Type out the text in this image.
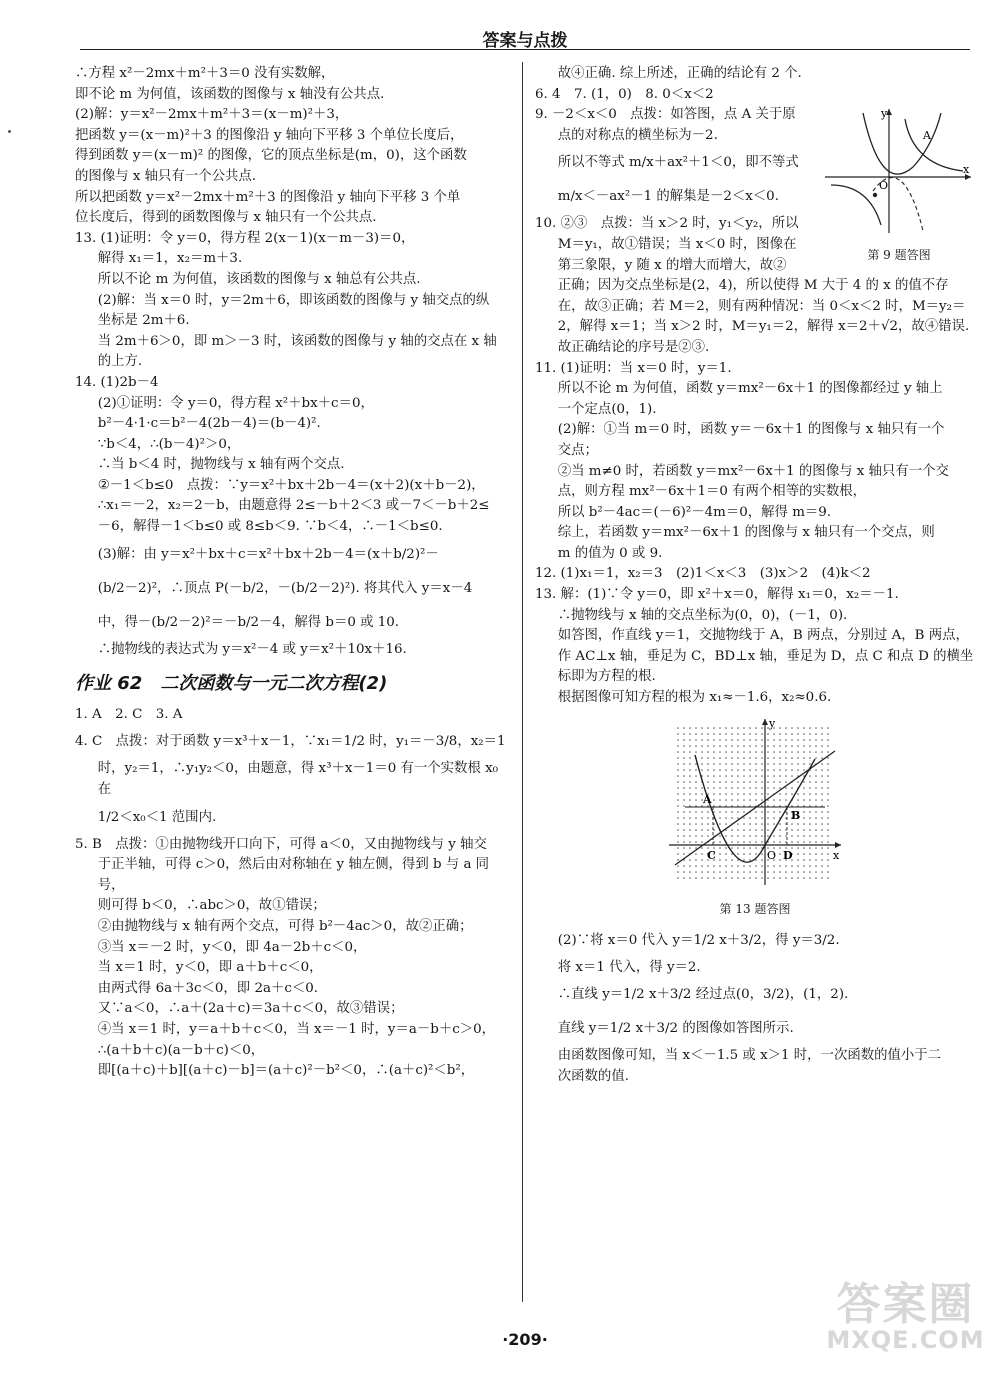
答案与点拨
∴方程 x²－2mx＋m²＋3＝0 没有实数解，
即不论 m 为何值，该函数的图像与 x 轴没有公共点.
(2)解：y＝x²－2mx＋m²＋3＝(x－m)²＋3，
把函数 y＝(x－m)²＋3 的图像沿 y 轴向下平移 3 个单位长度后，
得到函数 y＝(x－m)² 的图像，它的顶点坐标是(m，0)，这个函数
的图像与 x 轴只有一个公共点.
所以把函数 y＝x²－2mx＋m²＋3 的图像沿 y 轴向下平移 3 个单
位长度后，得到的函数图像与 x 轴只有一个公共点.
13. (1)证明：令 y＝0，得方程 2(x－1)(x－m－3)＝0，
解得 x₁＝1，x₂＝m＋3.
所以不论 m 为何值，该函数的图像与 x 轴总有公共点.
(2)解：当 x＝0 时，y＝2m＋6，即该函数的图像与 y 轴交点的纵
坐标是 2m＋6.
当 2m＋6＞0，即 m＞－3 时，该函数的图像与 y 轴的交点在 x 轴
的上方.
14. (1)2b－4
(2)①证明：令 y＝0，得方程 x²＋bx＋c＝0，
b²－4·1·c＝b²－4(2b－4)＝(b－4)².
∵b＜4，∴(b－4)²＞0，
∴当 b＜4 时，抛物线与 x 轴有两个交点.
②－1＜b≤0　点拨：∵y＝x²＋bx＋2b－4＝(x＋2)(x＋b－2)，
∴x₁＝－2，x₂＝2－b，由题意得 2≤－b＋2＜3 或－7＜－b＋2≤
－6，解得－1＜b≤0 或 8≤b＜9. ∵b＜4，∴－1＜b≤0.
(3)解：由 y＝x²＋bx＋c＝x²＋bx＋2b－4＝(x＋b/2)²－
(b/2－2)²，∴顶点 P(－b/2，－(b/2－2)²). 将其代入 y＝x－4
中，得－(b/2－2)²＝－b/2－4，解得 b＝0 或 10.
∴抛物线的表达式为 y＝x²－4 或 y＝x²＋10x＋16.
作业 62　二次函数与一元二次方程(2)
1. A　2. C　3. A
4. C　点拨：对于函数 y＝x³＋x－1，∵x₁＝1/2 时，y₁＝－3/8，x₂＝1
时，y₂＝1，∴y₁y₂＜0，由题意，得 x³＋x－1＝0 有一个实数根 x₀ 在
1/2＜x₀＜1 范围内.
5. B　点拨：①由抛物线开口向下，可得 a＜0，又由抛物线与 y 轴交
于正半轴，可得 c＞0，然后由对称轴在 y 轴左侧，得到 b 与 a 同号，
则可得 b＜0，∴abc＞0，故①错误；
②由抛物线与 x 轴有两个交点，可得 b²－4ac＞0，故②正确；
③当 x＝－2 时，y＜0，即 4a－2b＋c＜0，
当 x＝1 时，y＜0，即 a＋b＋c＜0，
由两式得 6a＋3c＜0，即 2a＋c＜0.
又∵a＜0，∴a＋(2a＋c)＝3a＋c＜0，故③错误；
④当 x＝1 时，y＝a＋b＋c＜0，当 x＝－1 时，y＝a－b＋c＞0，
∴(a＋b＋c)(a－b＋c)＜0，
即[(a＋c)＋b][(a＋c)－b]＝(a＋c)²－b²＜0，∴(a＋c)²＜b²，
故④正确. 综上所述，正确的结论有 2 个.
6. 4　7. (1，0)　8. 0＜x＜2
y
x
O
A
第 9 题答图
9. －2＜x＜0　点拨：如答图，点 A 关于原
点的对称点的横坐标为－2.
所以不等式 m/x＋ax²＋1＜0，即不等式
m/x＜－ax²－1 的解集是－2＜x＜0.
10. ②③　点拨：当 x＞2 时，y₁＜y₂，所以
M＝y₁，故①错误；当 x＜0 时，图像在
第三象限，y 随 x 的增大而增大，故②
正确；因为交点坐标是(2，4)，所以使得 M 大于 4 的 x 的值不存
在，故③正确；若 M＝2，则有两种情况：当 0＜x＜2 时，M＝y₂＝
2，解得 x＝1；当 x＞2 时，M＝y₁＝2，解得 x＝2＋√2，故④错误.
故正确结论的序号是②③.
11. (1)证明：当 x＝0 时，y＝1.
所以不论 m 为何值，函数 y＝mx²－6x＋1 的图像都经过 y 轴上
一个定点(0，1).
(2)解：①当 m＝0 时，函数 y＝－6x＋1 的图像与 x 轴只有一个
交点；
②当 m≠0 时，若函数 y＝mx²－6x＋1 的图像与 x 轴只有一个交
点，则方程 mx²－6x＋1＝0 有两个相等的实数根，
所以 b²－4ac＝(－6)²－4m＝0，解得 m＝9.
综上，若函数 y＝mx²－6x＋1 的图像与 x 轴只有一个交点，则
m 的值为 0 或 9.
12. (1)x₁＝1，x₂＝3　(2)1＜x＜3　(3)x＞2　(4)k＜2
13. 解：(1)∵令 y＝0，即 x²＋x＝0，解得 x₁＝0，x₂＝－1.
∴抛物线与 x 轴的交点坐标为(0，0)，(－1，0).
如答图，作直线 y＝1，交抛物线于 A，B 两点，分别过 A，B 两点，
作 AC⊥x 轴，垂足为 C，BD⊥x 轴，垂足为 D，点 C 和点 D 的横坐
标即为方程的根.
根据图像可知方程的根为 x₁≈－1.6，x₂≈0.6.
A
B
C	D
O
y
x
第 13 题答图
(2)∵将 x＝0 代入 y＝1/2 x＋3/2，得 y＝3/2.
将 x＝1 代入，得 y＝2.
∴直线 y＝1/2 x＋3/2 经过点(0，3/2)，(1，2).
直线 y＝1/2 x＋3/2 的图像如答图所示.
由函数图像可知，当 x＜－1.5 或 x＞1 时，一次函数的值小于二
次函数的值.
·209·
答案圈
MXQE.COM
